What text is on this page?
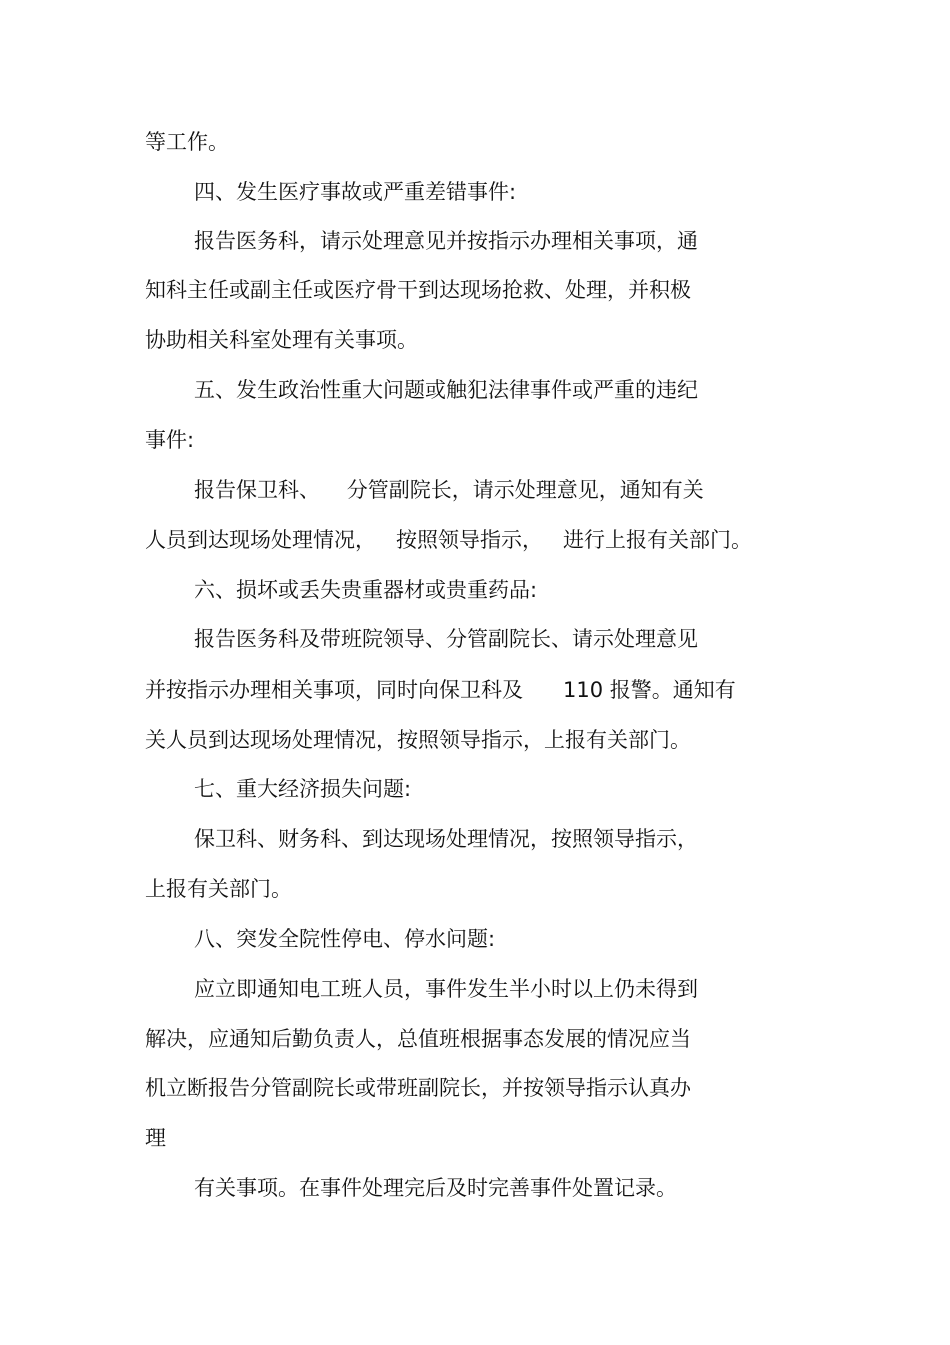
等工作。

四、发生医疗事故或严重差错事件:

报告医务科，请示处理意见并按指示办理相关事项，通

知科主任或副主任或医疗骨干到达现场抢救、处理，并积极

协助相关科室处理有关事项。

五、发生政治性重大问题或触犯法律事件或严重的违纪

事件:

报告保卫科、    分管副院长，请示处理意见，通知有关

人员到达现场处理情况，   按照领导指示，   进行上报有关部门。

六、损坏或丢失贵重器材或贵重药品:

报告医务科及带班院领导、分管副院长、请示处理意见

并按指示办理相关事项，同时向保卫科及      110 报警。通知有

关人员到达现场处理情况，按照领导指示，上报有关部门。

七、重大经济损失问题:

保卫科、财务科、到达现场处理情况，按照领导指示，

上报有关部门。

八、突发全院性停电、停水问题:

应立即通知电工班人员，事件发生半小时以上仍未得到

解决，应通知后勤负责人，总值班根据事态发展的情况应当

机立断报告分管副院长或带班副院长，并按领导指示认真办

理

有关事项。在事件处理完后及时完善事件处置记录。
